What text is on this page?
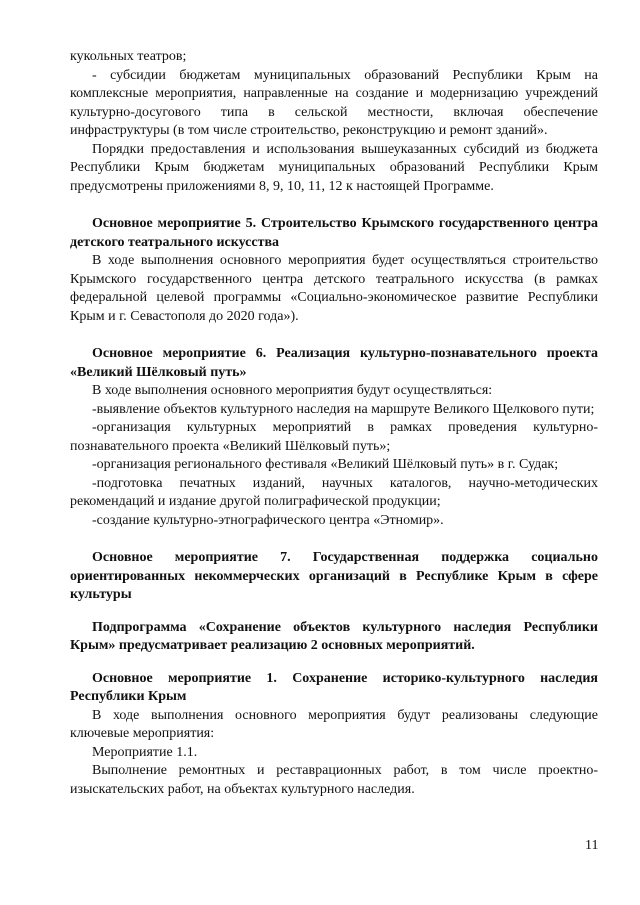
кукольных театров;

- субсидии бюджетам муниципальных образований Республики Крым на комплексные мероприятия, направленные на создание и модернизацию учреждений культурно-досугового типа в сельской местности, включая обеспечение инфраструктуры (в том числе строительство, реконструкцию и ремонт зданий».

Порядки предоставления и использования вышеуказанных субсидий из бюджета Республики Крым бюджетам муниципальных образований Республики Крым предусмотрены приложениями 8, 9, 10, 11, 12 к настоящей Программе.

Основное мероприятие 5. Строительство Крымского государственного центра детского театрального искусства

В ходе выполнения основного мероприятия будет осуществляться строительство Крымского государственного центра детского театрального искусства (в рамках федеральной целевой программы «Социально-экономическое развитие Республики Крым и г. Севастополя до 2020 года»).

Основное мероприятие 6. Реализация культурно-познавательного проекта «Великий Шёлковый путь»

В ходе выполнения основного мероприятия будут осуществляться:

-выявление объектов культурного наследия на маршруте Великого Щелкового пути;

-организация культурных мероприятий в рамках проведения культурно-познавательного проекта «Великий Шёлковый путь»;

-организация регионального фестиваля «Великий Шёлковый путь» в г. Судак;

-подготовка печатных изданий, научных каталогов, научно-методических рекомендаций и издание другой полиграфической продукции;

-создание культурно-этнографического центра «Этномир».

Основное мероприятие 7. Государственная поддержка социально ориентированных некоммерческих организаций в Республике Крым в сфере культуры

Подпрограмма «Сохранение объектов культурного наследия Республики Крым» предусматривает реализацию 2 основных мероприятий.

Основное мероприятие 1. Сохранение историко-культурного наследия Республики Крым

В ходе выполнения основного мероприятия будут реализованы следующие ключевые мероприятия:

Мероприятие 1.1.

Выполнение ремонтных и реставрационных работ, в том числе проектно-изыскательских работ, на объектах культурного наследия.

11
